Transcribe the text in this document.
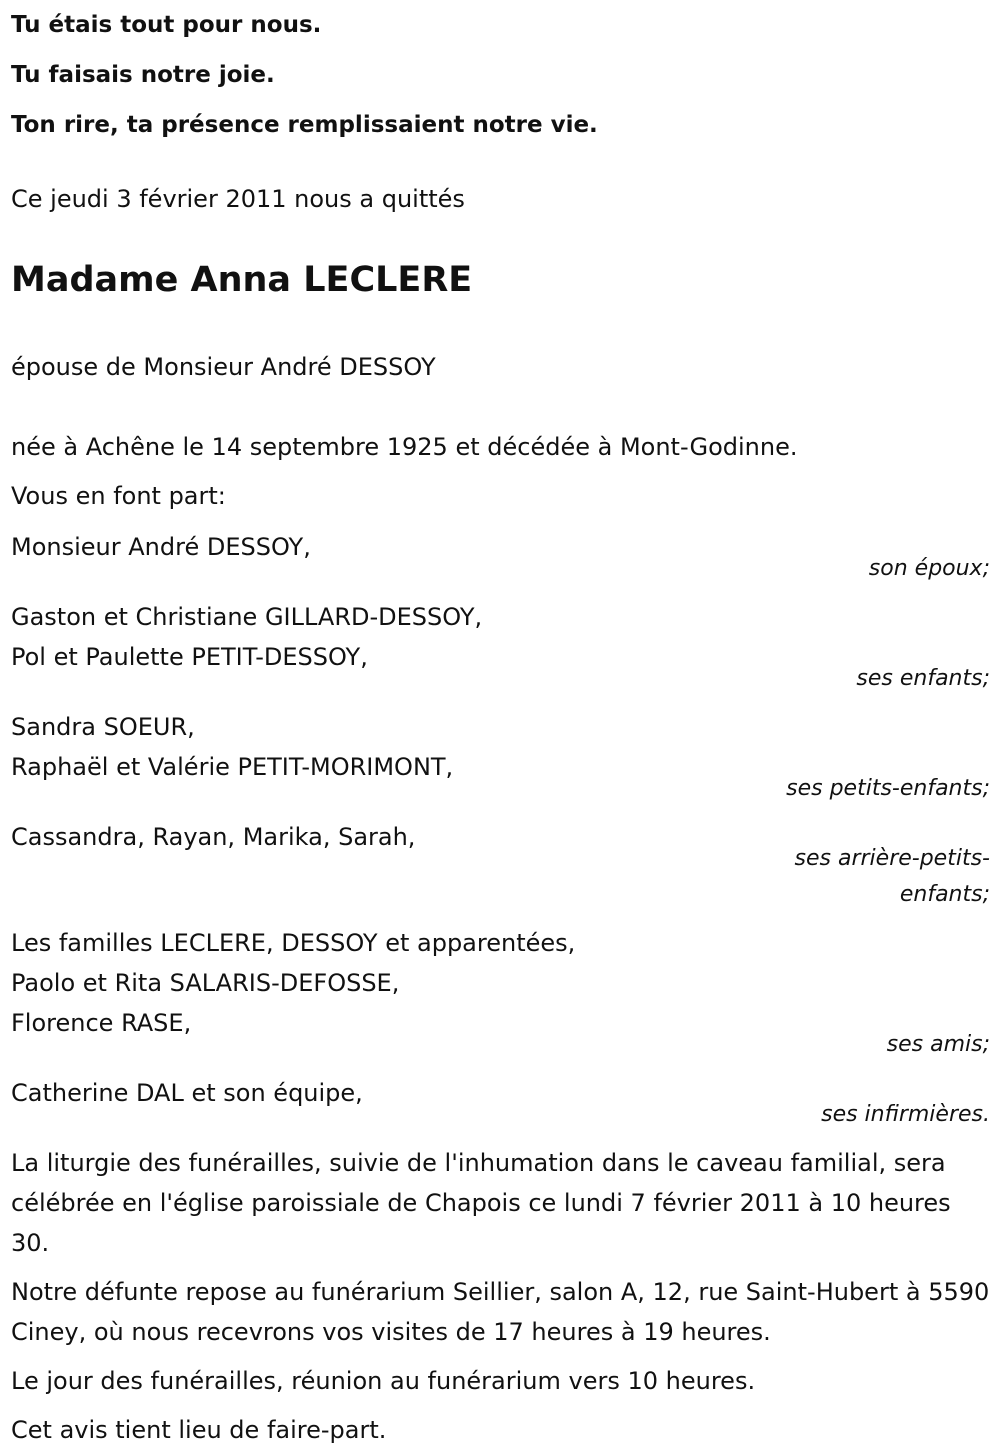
Tu étais tout pour nous.

Tu faisais notre joie.

Ton rire, ta présence remplissaient notre vie.

Ce jeudi 3 février 2011 nous a quittés

Madame Anna LECLERE

épouse de Monsieur André DESSOY

née à Achêne le 14 septembre 1925 et décédée à Mont-Godinne.

Vous en font part:

Monsieur André DESSOY,
son époux;
Gaston et Christiane GILLARD-DESSOY,
Pol et Paulette PETIT-DESSOY,
ses enfants;
Sandra SOEUR,
Raphaël et Valérie PETIT-MORIMONT,
ses petits-enfants;
Cassandra, Rayan, Marika, Sarah,
ses arrière-petits-enfants;
Les familles LECLERE, DESSOY et apparentées,
Paolo et Rita SALARIS-DEFOSSE,
Florence RASE,
ses amis;
Catherine DAL et son équipe,
ses infirmières.

La liturgie des funérailles, suivie de l'inhumation dans le caveau familial, sera célébrée en l'église paroissiale de Chapois ce lundi 7 février 2011 à 10 heures 30.

Notre défunte repose au funérarium Seillier, salon A, 12, rue Saint-Hubert à 5590 Ciney, où nous recevrons vos visites de 17 heures à 19 heures.

Le jour des funérailles, réunion au funérarium vers 10 heures.

Cet avis tient lieu de faire-part.
